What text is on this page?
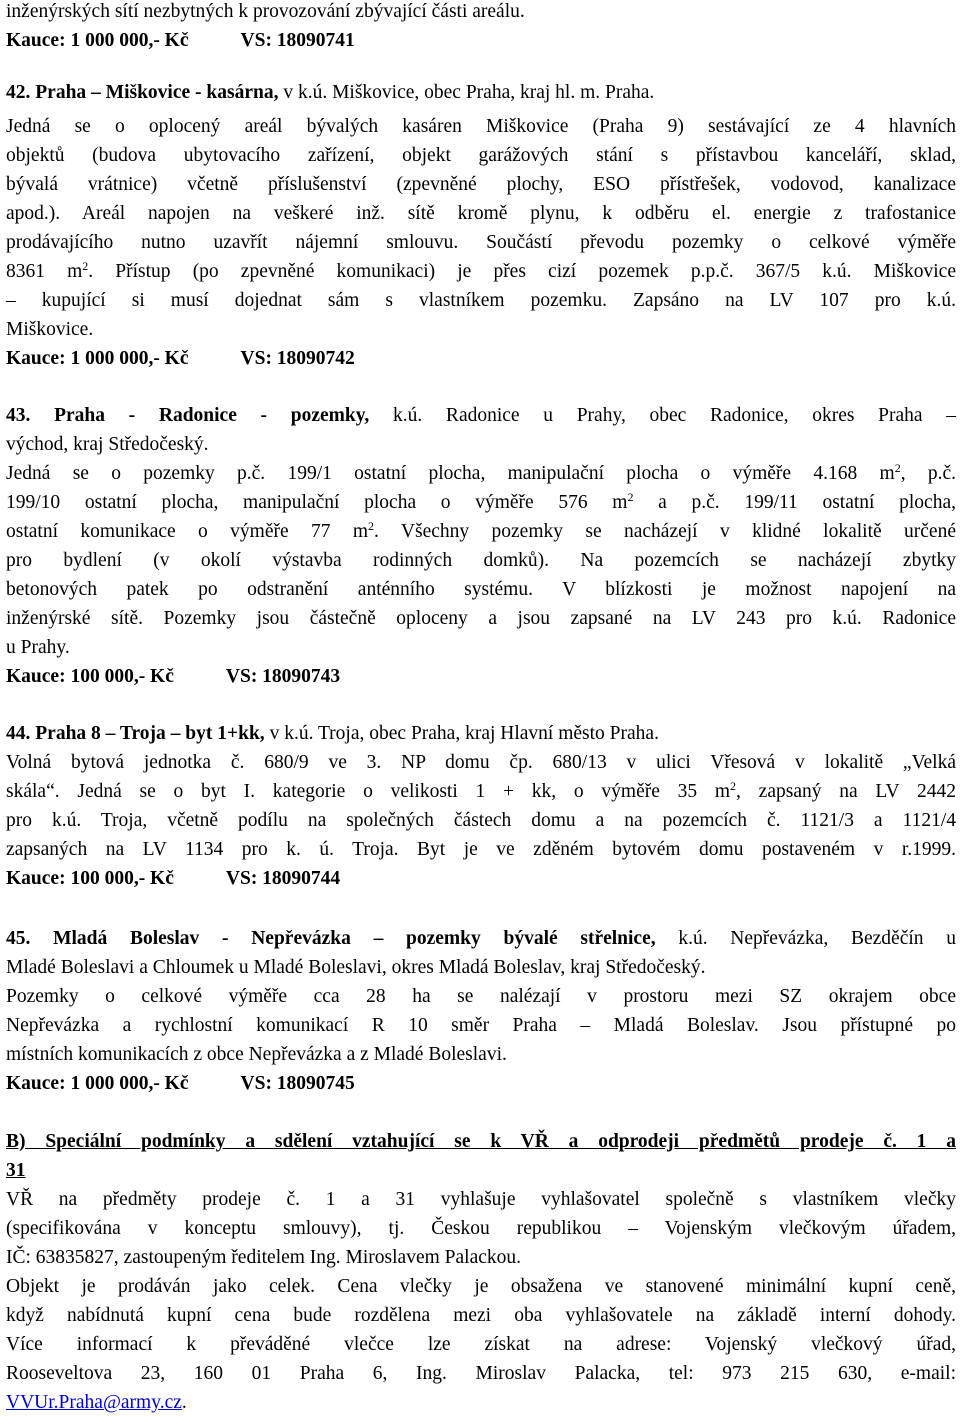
inženýrských sítí nezbytných k provozování zbývající části areálu.
Kauce: 1 000 000,- Kč	VS: 18090741
42. Praha – Miškovice - kasárna, v k.ú. Miškovice, obec Praha, kraj hl. m. Praha.
Jedná se o oplocený areál bývalých kasáren Miškovice (Praha 9) sestávající ze 4 hlavních
objektů (budova ubytovacího zařízení, objekt garážových stání s přístavbou kanceláří, sklad,
bývalá vrátnice) včetně příslušenství (zpevněné plochy, ESO přístřešek, vodovod, kanalizace
apod.). Areál napojen na veškeré inž. sítě kromě plynu, k odběru el. energie z trafostanice
prodávajícího nutno uzavřít nájemní smlouvu. Součástí převodu pozemky o celkové výměře
8361 $m^2$. Přístup (po zpevněné komunikaci) je přes cizí pozemek p.p.č. 367/5 k.ú. Miškovice
– kupující si musí dojednat sám s vlastníkem pozemku. Zapsáno na LV 107 pro k.ú.
Miškovice.
Kauce: 1 000 000,- Kč	VS: 18090742
43. Praha - Radonice - pozemky, k.ú. Radonice u Prahy, obec Radonice, okres Praha –
východ, kraj Středočeský.
Jedná se o pozemky p.č. 199/1 ostatní plocha, manipulační plocha o výměře 4.168 $m^2$, p.č.
199/10 ostatní plocha, manipulační plocha o výměře 576 $m^2$ a p.č. 199/11 ostatní plocha,
ostatní komunikace o výměře 77 $m^2$. Všechny pozemky se nacházejí v klidné lokalitě určené
pro bydlení (v okolí výstavba rodinných domků). Na pozemcích se nacházejí zbytky
betonových patek po odstranění anténního systému. V blízkosti je možnost napojení na
inženýrské sítě. Pozemky jsou částečně oploceny a jsou zapsané na LV 243 pro k.ú. Radonice
u Prahy.
Kauce: 100 000,- Kč	VS: 18090743
44. Praha 8 – Troja – byt 1+kk, v k.ú. Troja, obec Praha, kraj Hlavní město Praha.
Volná bytová jednotka č. 680/9 ve 3. NP domu čp. 680/13 v ulici Vřesová v lokalitě „Velká
skála“. Jedná se o byt I. kategorie o velikosti 1 + kk, o výměře 35 $m^2$, zapsaný na LV 2442
pro k.ú. Troja, včetně podílu na společných částech domu a na pozemcích č. 1121/3 a 1121/4
zapsaných na LV 1134 pro k. ú. Troja. Byt je ve zděném bytovém domu postaveném v r.1999.
Kauce: 100 000,- Kč	VS: 18090744
45. Mladá Boleslav - Nepřevázka – pozemky bývalé střelnice, k.ú. Nepřevázka, Bezděčín u
Mladé Boleslavi a Chloumek u Mladé Boleslavi, okres Mladá Boleslav, kraj Středočeský.
Pozemky o celkové výměře cca 28 ha se nalézají v prostoru mezi SZ okrajem obce
Nepřevázka a rychlostní komunikací R 10 směr Praha – Mladá Boleslav. Jsou přístupné po
místních komunikacích z obce Nepřevázka a z Mladé Boleslavi.
Kauce: 1 000 000,- Kč	VS: 18090745
B) Speciální podmínky a sdělení vztahující se k VŘ a odprodeji předmětů prodeje č. 1 a
31
VŘ na předměty prodeje č. 1 a 31 vyhlašuje vyhlašovatel společně s vlastníkem vlečky
(specifikována v konceptu smlouvy), tj. Českou republikou – Vojenským vlečkovým úřadem,
IČ: 63835827, zastoupeným ředitelem Ing. Miroslavem Palackou.
Objekt je prodáván jako celek. Cena vlečky je obsažena ve stanovené minimální kupní ceně,
když nabídnutá kupní cena bude rozdělena mezi oba vyhlašovatele na základě interní dohody.
Více informací k převáděné vlečce lze získat na adrese: Vojenský vlečkový úřad,
Rooseveltova 23, 160 01 Praha 6, Ing. Miroslav Palacka, tel: 973 215 630, e-mail:
VVUr.Praha@army.cz.
